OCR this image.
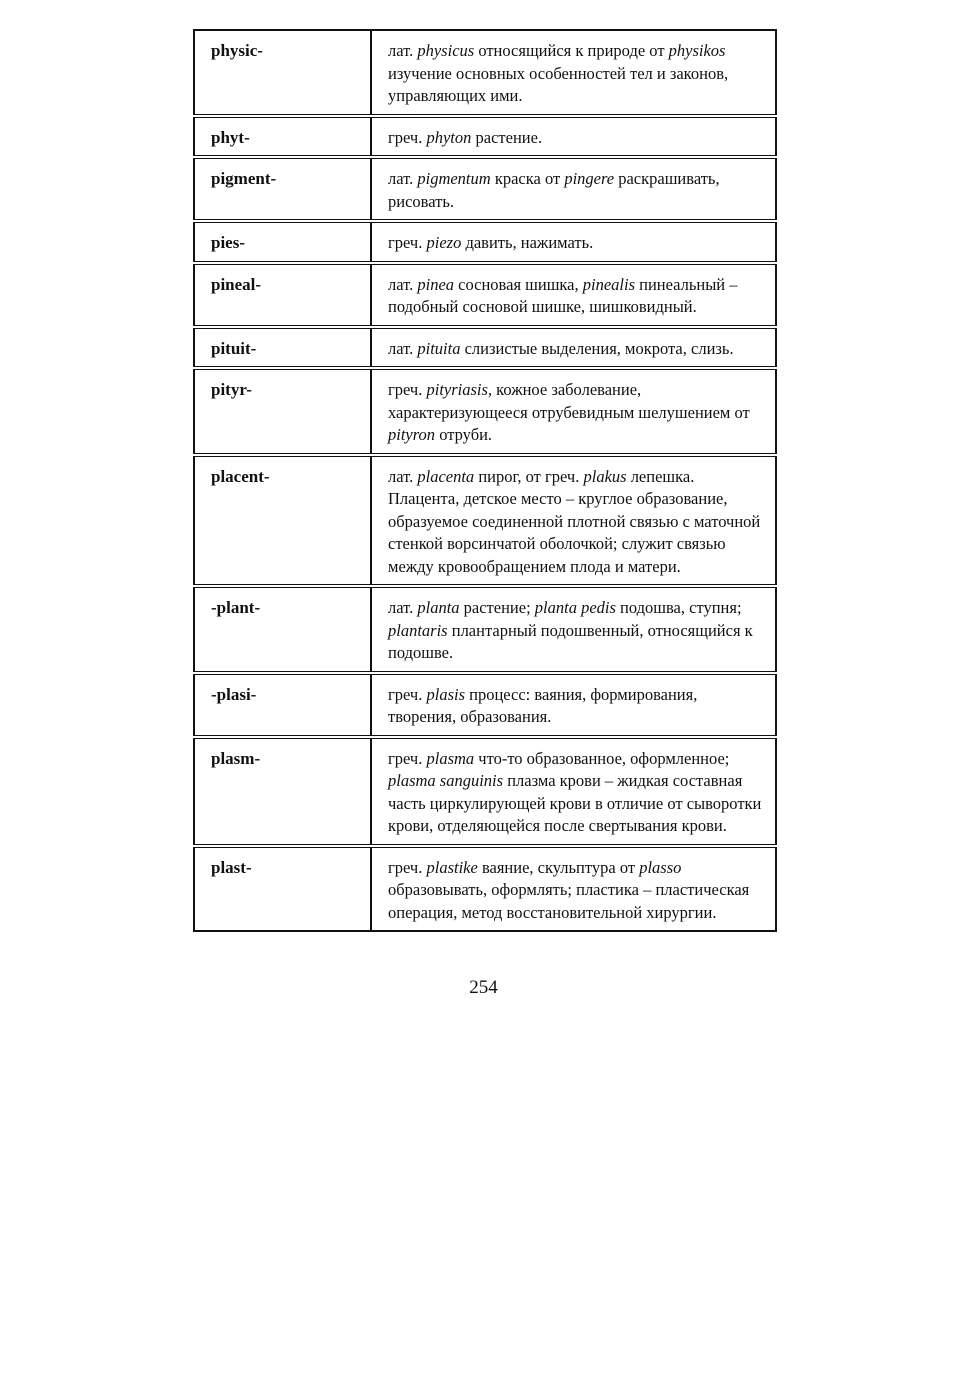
physic-	лат. physicus относящийся к природе от physikos изучение основных особенностей тел и законов, управляющих ими.
phyt-	греч. phyton растение.
pigment-	лат. pigmentum краска от pingere раскрашивать, рисовать.
pies-	греч. piezo давить, нажимать.
pineal-	лат. pinea сосновая шишка, pinealis пинеальный – подобный сосновой шишке, шишковидный.
pituit-	лат. pituita слизистые выделения, мокрота, слизь.
pityr-	греч. pityriasis, кожное заболевание, характеризующееся отрубевидным шелушением от pityron отруби.
placent-	лат. placenta пирог, от греч. plakus лепешка. Плацента, детское место – круглое образование, образуемое соединенной плотной связью с маточной стенкой ворсинчатой оболочкой; служит связью между кровообращением плода и матери.
-plant-	лат. planta растение; planta pedis подошва, ступня; plantaris плантарный подошвенный, относящийся к подошве.
-plasi-	греч. plasis процесс: ваяния, формирования, творения, образования.
plasm-	греч. plasma что-то образованное, оформленное; plasma sanguinis плазма крови – жидкая составная часть циркулирующей крови в отличие от сыворотки крови, отделяющейся после свертывания крови.
plast-	греч. plastike ваяние, скульптура от plasso образовывать, оформлять; пластика – пластическая операция, метод восстановительной хирургии.
254
